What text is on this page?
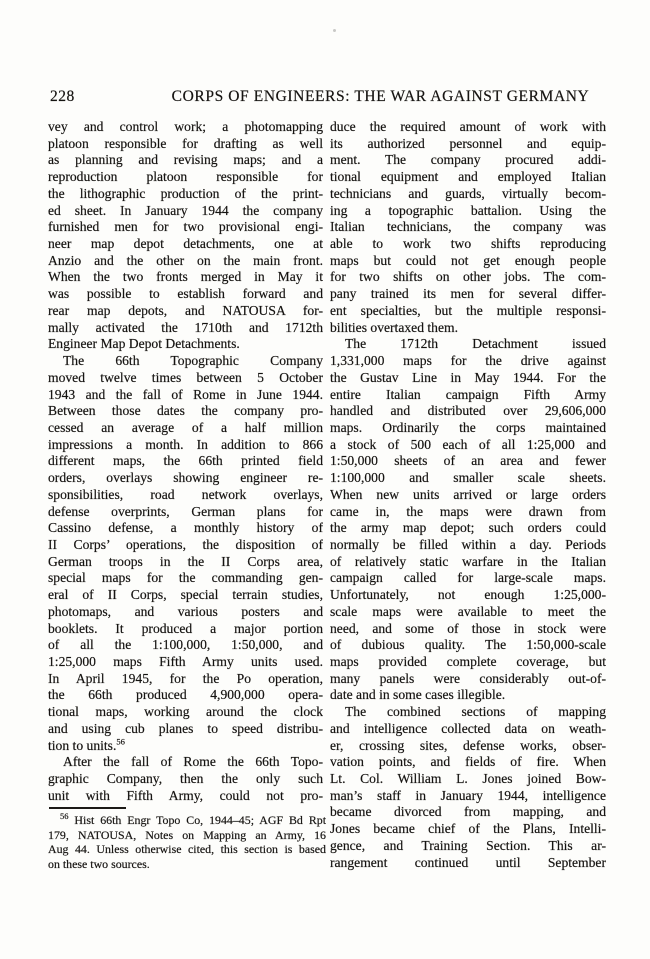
228	CORPS OF ENGINEERS: THE WAR AGAINST GERMANY
vey and control work; a photomapping
platoon responsible for drafting as well
as planning and revising maps; and a
reproduction platoon responsible for
the lithographic production of the print-
ed sheet. In January 1944 the company
furnished men for two provisional engi-
neer map depot detachments, one at
Anzio and the other on the main front.
When the two fronts merged in May it
was possible to establish forward and
rear map depots, and NATOUSA for-
mally activated the 1710th and 1712th
Engineer Map Depot Detachments.
The 66th Topographic Company
moved twelve times between 5 October
1943 and the fall of Rome in June 1944.
Between those dates the company pro-
cessed an average of a half million
impressions a month. In addition to 866
different maps, the 66th printed field
orders, overlays showing engineer re-
sponsibilities, road network overlays,
defense overprints, German plans for
Cassino defense, a monthly history of
II Corps’ operations, the disposition of
German troops in the II Corps area,
special maps for the commanding gen-
eral of II Corps, special terrain studies,
photomaps, and various posters and
booklets. It produced a major portion
of all the 1:100,000, 1:50,000, and
1:25,000 maps Fifth Army units used.
In April 1945, for the Po operation,
the 66th produced 4,900,000 opera-
tional maps, working around the clock
and using cub planes to speed distribu-
tion to units.$^{56}$
After the fall of Rome the 66th Topo-
graphic Company, then the only such
unit with Fifth Army, could not pro-
duce the required amount of work with
its authorized personnel and equip-
ment. The company procured addi-
tional equipment and employed Italian
technicians and guards, virtually becom-
ing a topographic battalion. Using the
Italian technicians, the company was
able to work two shifts reproducing
maps but could not get enough people
for two shifts on other jobs. The com-
pany trained its men for several differ-
ent specialties, but the multiple responsi-
bilities overtaxed them.
The 1712th Detachment issued
1,331,000 maps for the drive against
the Gustav Line in May 1944. For the
entire Italian campaign Fifth Army
handled and distributed over 29,606,000
maps. Ordinarily the corps maintained
a stock of 500 each of all 1:25,000 and
1:50,000 sheets of an area and fewer
1:100,000 and smaller scale sheets.
When new units arrived or large orders
came in, the maps were drawn from
the army map depot; such orders could
normally be filled within a day. Periods
of relatively static warfare in the Italian
campaign called for large-scale maps.
Unfortunately, not enough 1:25,000-
scale maps were available to meet the
need, and some of those in stock were
of dubious quality. The 1:50,000-scale
maps provided complete coverage, but
many panels were considerably out-of-
date and in some cases illegible.
The combined sections of mapping
and intelligence collected data on weath-
er, crossing sites, defense works, obser-
vation points, and fields of fire. When
Lt. Col. William L. Jones joined Bow-
man’s staff in January 1944, intelligence
became divorced from mapping, and
Jones became chief of the Plans, Intelli-
gence, and Training Section. This ar-
rangement continued until September
$^{56}$ Hist 66th Engr Topo Co, 1944–45; AGF Bd Rpt
179, NATOUSA, Notes on Mapping an Army, 16
Aug 44. Unless otherwise cited, this section is based
on these two sources.
